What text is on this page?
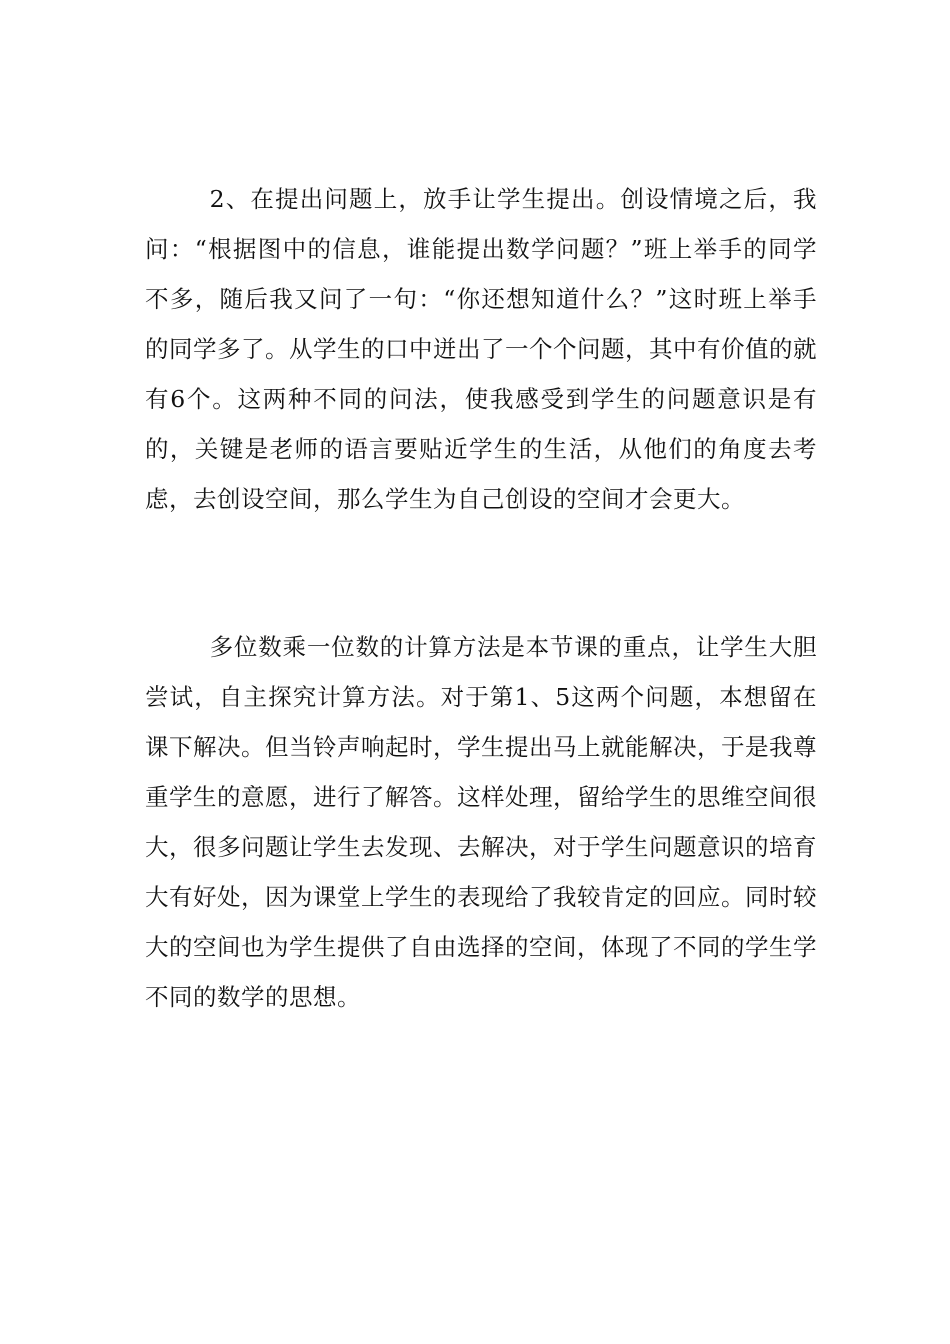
2、在提出问题上，放手让学生提出。创设情境之后，我问：“根据图中的信息，谁能提出数学问题？”班上举手的同学不多，随后我又问了一句：“你还想知道什么？”这时班上举手的同学多了。从学生的口中迸出了一个个问题，其中有价值的就有6个。这两种不同的问法，使我感受到学生的问题意识是有的，关键是老师的语言要贴近学生的生活，从他们的角度去考虑，去创设空间，那么学生为自己创设的空间才会更大。

多位数乘一位数的计算方法是本节课的重点，让学生大胆尝试，自主探究计算方法。对于第1、5这两个问题，本想留在课下解决。但当铃声响起时，学生提出马上就能解决，于是我尊重学生的意愿，进行了解答。这样处理，留给学生的思维空间很大，很多问题让学生去发现、去解决，对于学生问题意识的培育大有好处，因为课堂上学生的表现给了我较肯定的回应。同时较大的空间也为学生提供了自由选择的空间，体现了不同的学生学不同的数学的思想。
